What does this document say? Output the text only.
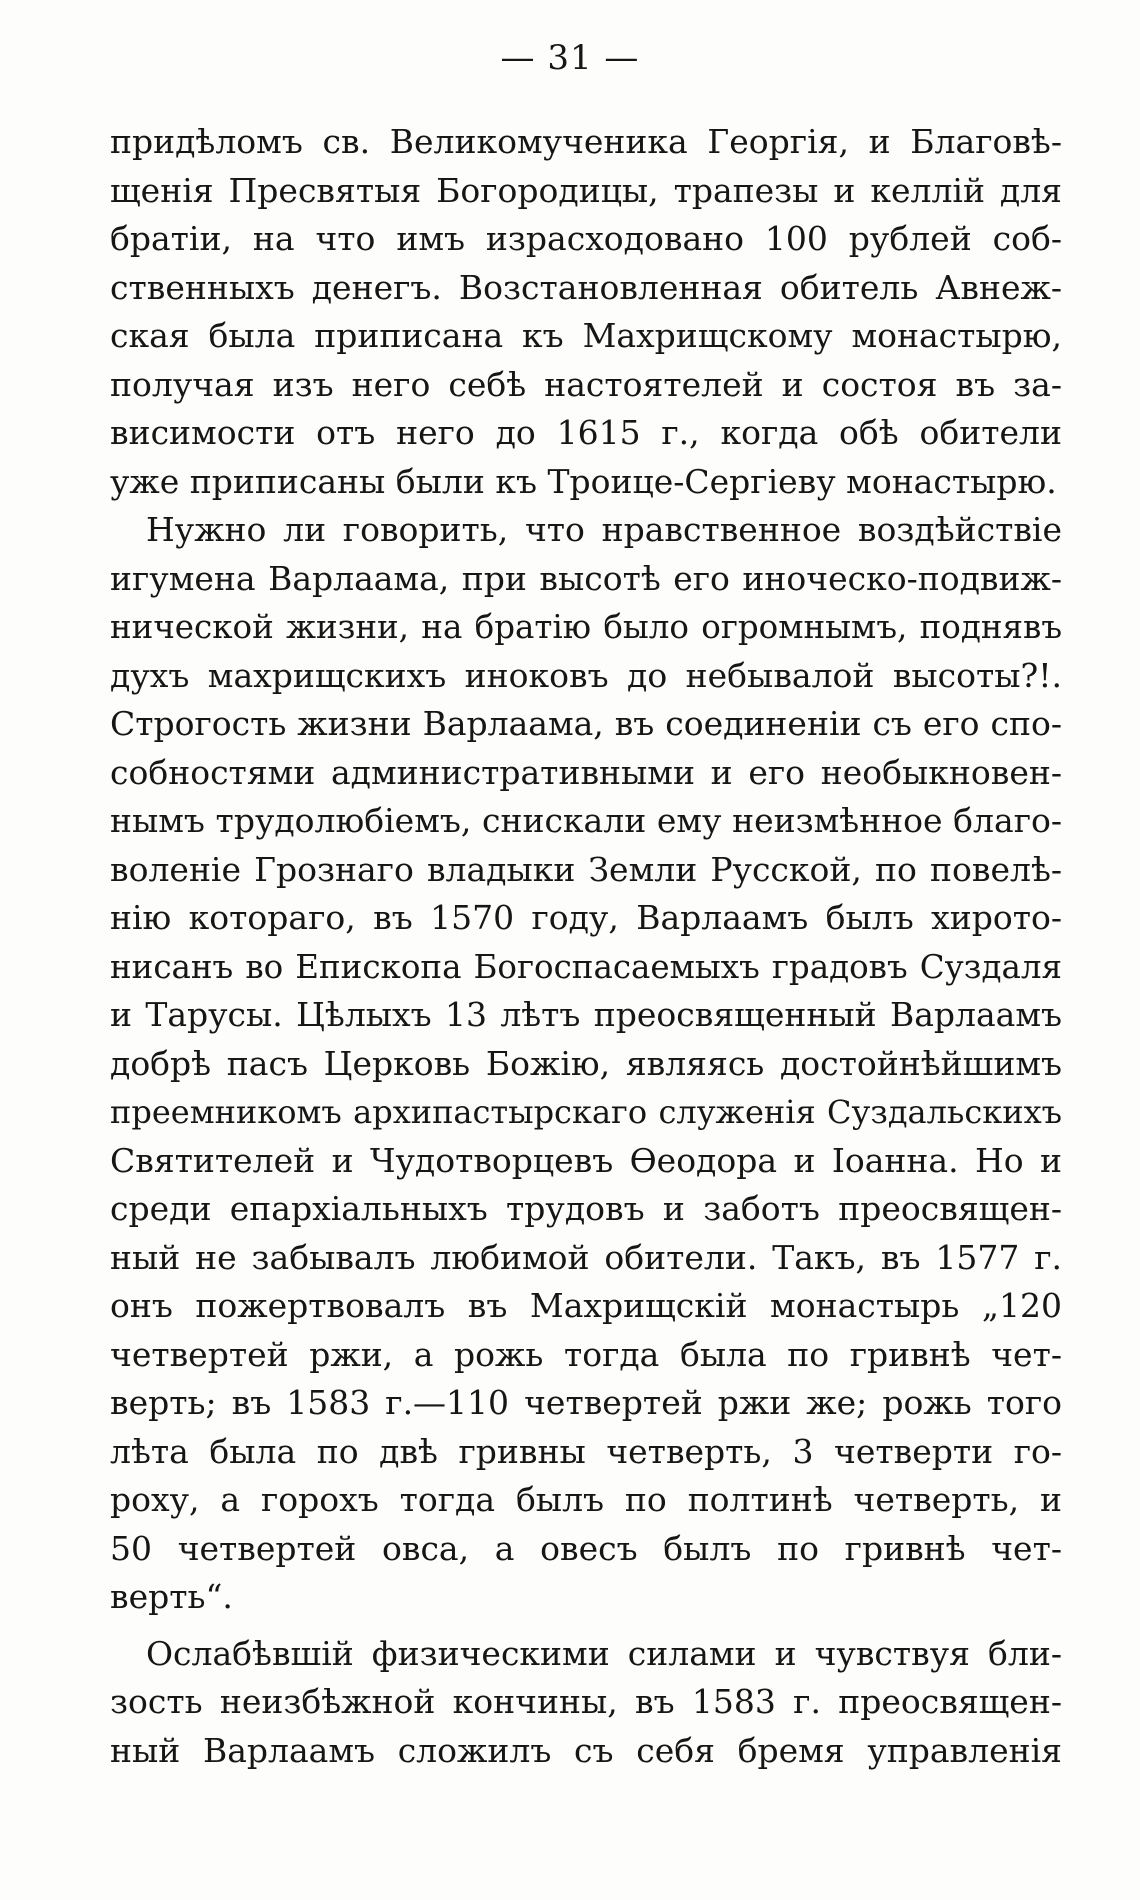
— 31 —
придѣломъ св. Великомученика Георгія, и Благовѣ-
щенія Пресвятыя Богородицы, трапезы и келлій для
братіи, на что имъ израсходовано 100 рублей соб-
ственныхъ денегъ. Возстановленная обитель Авнеж-
ская была приписана къ Махрищскому монастырю,
получая изъ него себѣ настоятелей и состоя въ за-
висимости отъ него до 1615 г., когда обѣ обители
уже приписаны были къ Троице-Сергіеву монастырю.
Нужно ли говорить, что нравственное воздѣйствіе
игумена Варлаама, при высотѣ его иноческо-подвиж-
нической жизни, на братію было огромнымъ, поднявъ
духъ махрищскихъ иноковъ до небывалой высоты?!.
Строгость жизни Варлаама, въ соединеніи съ его спо-
собностями административными и его необыкновен-
нымъ трудолюбіемъ, снискали ему неизмѣнное благо-
воленіе Грознаго владыки Земли Русской, по повелѣ-
нію котораго, въ 1570 году, Варлаамъ былъ хирото-
нисанъ во Епископа Богоспасаемыхъ градовъ Суздаля
и Тарусы. Цѣлыхъ 13 лѣтъ преосвященный Варлаамъ
добрѣ пасъ Церковь Божію, являясь достойнѣйшимъ
преемникомъ архипастырскаго служенія Суздальскихъ
Святителей и Чудотворцевъ Ѳеодора и Іоанна. Но и
среди епархіальныхъ трудовъ и заботъ преосвящен-
ный не забывалъ любимой обители. Такъ, въ 1577 г.
онъ пожертвовалъ въ Махрищскій монастырь „120
четвертей ржи, а рожь тогда была по гривнѣ чет-
верть; въ 1583 г.—110 четвертей ржи же; рожь того
лѣта была по двѣ гривны четверть, 3 четверти го-
роху, а горохъ тогда былъ по полтинѣ четверть, и
50 четвертей овса, а овесъ былъ по гривнѣ чет-
верть“.
Ослабѣвшій физическими силами и чувствуя бли-
зость неизбѣжной кончины, въ 1583 г. преосвящен-
ный Варлаамъ сложилъ съ себя бремя управленія
